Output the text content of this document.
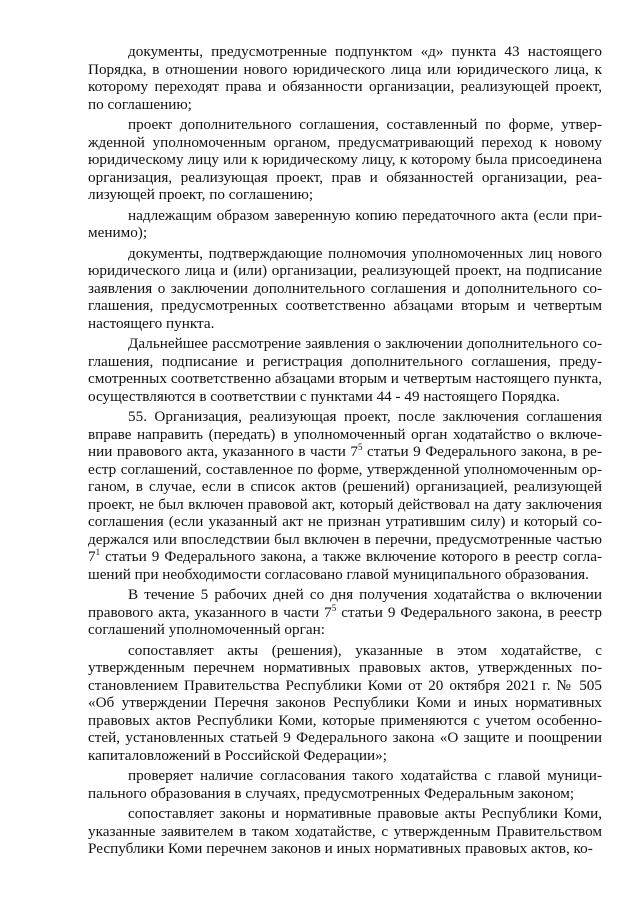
документы, предусмотренные подпунктом «д» пункта 43 настоящего Порядка, в отношении нового юридического лица или юридического лица, к которому переходят права и обязанности организации, реализующей проект, по соглашению;

проект дополнительного соглашения, составленный по форме, утвержденной уполномоченным органом, предусматривающий переход к новому юридическому лицу или к юридическому лицу, к которому была присоединена организация, реализующая проект, прав и обязанностей организации, реализующей проект, по соглашению;

надлежащим образом заверенную копию передаточного акта (если применимо);

документы, подтверждающие полномочия уполномоченных лиц нового юридического лица и (или) организации, реализующей проект, на подписание заявления о заключении дополнительного соглашения и дополнительного соглашения, предусмотренных соответственно абзацами вторым и четвертым настоящего пункта.

Дальнейшее рассмотрение заявления о заключении дополнительного соглашения, подписание и регистрация дополнительного соглашения, предусмотренных соответственно абзацами вторым и четвертым настоящего пункта, осуществляются в соответствии с пунктами 44 - 49 настоящего Порядка.

55. Организация, реализующая проект, после заключения соглашения вправе направить (передать) в уполномоченный орган ходатайство о включении правового акта, указанного в части $7^5$ статьи 9 Федерального закона, в реестр соглашений, составленное по форме, утвержденной уполномоченным органом, в случае, если в список актов (решений) организацией, реализующей проект, не был включен правовой акт, который действовал на дату заключения соглашения (если указанный акт не признан утратившим силу) и который содержался или впоследствии был включен в перечни, предусмотренные частью $7^1$ статьи 9 Федерального закона, а также включение которого в реестр соглашений при необходимости согласовано главой муниципального образования.

В течение 5 рабочих дней со дня получения ходатайства о включении правового акта, указанного в части $7^5$ статьи 9 Федерального закона, в реестр соглашений уполномоченный орган:

сопоставляет акты (решения), указанные в этом ходатайстве, с утвержденным перечнем нормативных правовых актов, утвержденных постановлением Правительства Республики Коми от 20 октября 2021 г. № 505 «Об утверждении Перечня законов Республики Коми и иных нормативных правовых актов Республики Коми, которые применяются с учетом особенностей, установленных статьей 9 Федерального закона «О защите и поощрении капиталовложений в Российской Федерации»;

проверяет наличие согласования такого ходатайства с главой муниципального образования в случаях, предусмотренных Федеральным законом;

сопоставляет законы и нормативные правовые акты Республики Коми, указанные заявителем в таком ходатайстве, с утвержденным Правительством Республики Коми перечнем законов и иных нормативных правовых актов, ко-
